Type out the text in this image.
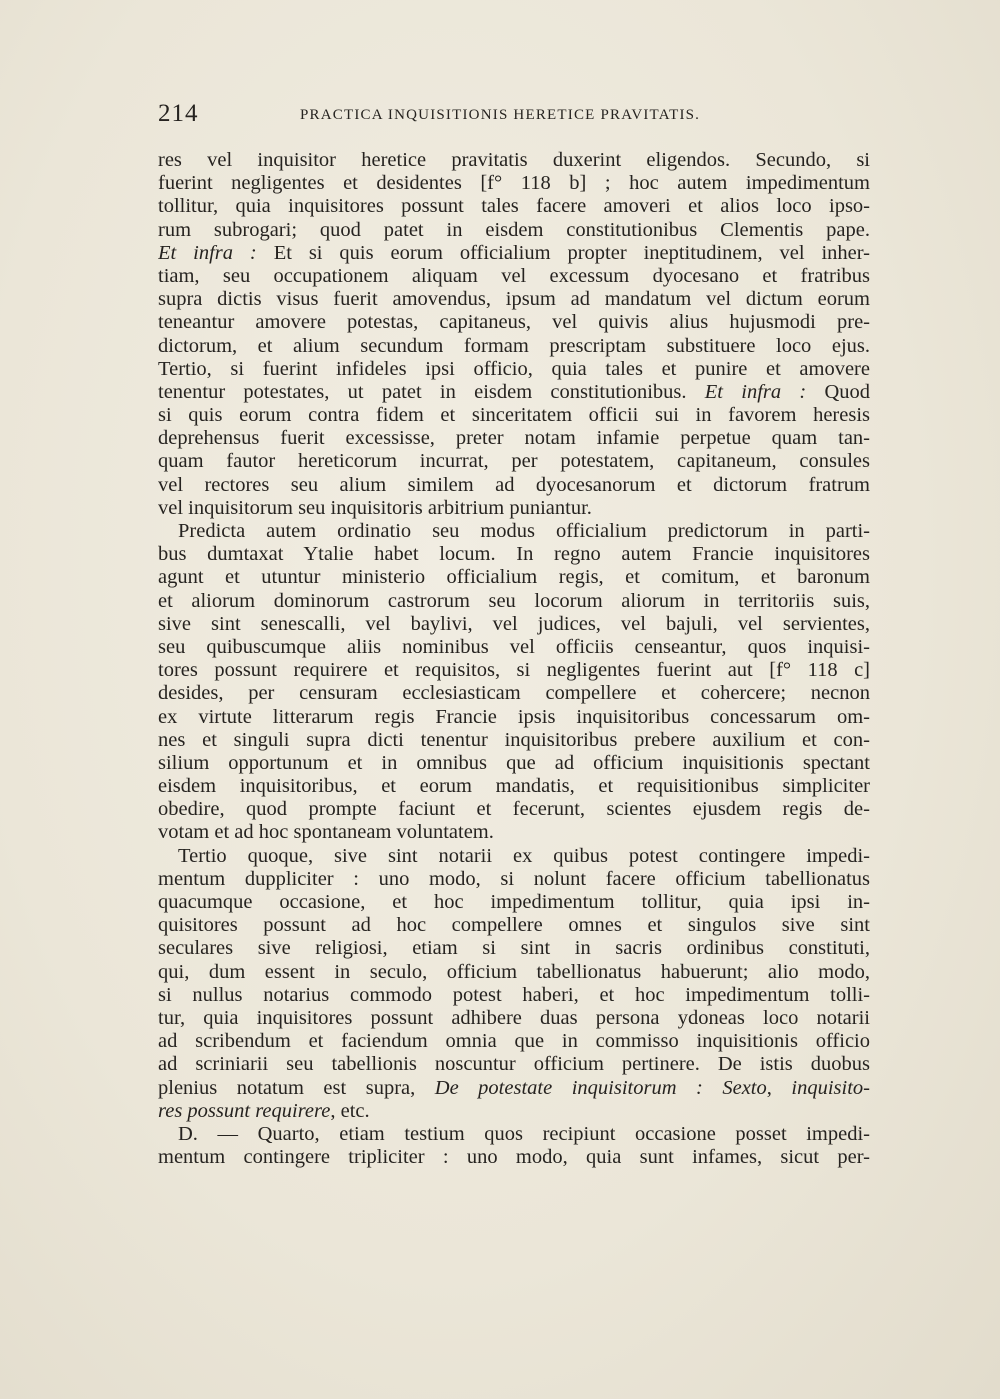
214	PRACTICA INQUISITIONIS HERETICE PRAVITATIS.
res vel inquisitor heretice pravitatis duxerint eligendos. Secundo, si
fuerint negligentes et desidentes [f° 118 b] ; hoc autem impedimentum
tollitur, quia inquisitores possunt tales facere amoveri et alios loco ipso-
rum subrogari; quod patet in eisdem constitutionibus Clementis pape.
Et infra : Et si quis eorum officialium propter ineptitudinem, vel inher-
tiam, seu occupationem aliquam vel excessum dyocesano et fratribus
supra dictis visus fuerit amovendus, ipsum ad mandatum vel dictum eorum
teneantur amovere potestas, capitaneus, vel quivis alius hujusmodi pre-
dictorum, et alium secundum formam prescriptam substituere loco ejus.
Tertio, si fuerint infideles ipsi officio, quia tales et punire et amovere
tenentur potestates, ut patet in eisdem constitutionibus. Et infra : Quod
si quis eorum contra fidem et sinceritatem officii sui in favorem heresis
deprehensus fuerit excessisse, preter notam infamie perpetue quam tan-
quam fautor hereticorum incurrat, per potestatem, capitaneum, consules
vel rectores seu alium similem ad dyocesanorum et dictorum fratrum
vel inquisitorum seu inquisitoris arbitrium puniantur.
Predicta autem ordinatio seu modus officialium predictorum in parti-
bus dumtaxat Ytalie habet locum. In regno autem Francie inquisitores
agunt et utuntur ministerio officialium regis, et comitum, et baronum
et aliorum dominorum castrorum seu locorum aliorum in territoriis suis,
sive sint senescalli, vel baylivi, vel judices, vel bajuli, vel servientes,
seu quibuscumque aliis nominibus vel officiis censeantur, quos inquisi-
tores possunt requirere et requisitos, si negligentes fuerint aut [f° 118 c]
desides, per censuram ecclesiasticam compellere et cohercere; necnon
ex virtute litterarum regis Francie ipsis inquisitoribus concessarum om-
nes et singuli supra dicti tenentur inquisitoribus prebere auxilium et con-
silium opportunum et in omnibus que ad officium inquisitionis spectant
eisdem inquisitoribus, et eorum mandatis, et requisitionibus simpliciter
obedire, quod prompte faciunt et fecerunt, scientes ejusdem regis de-
votam et ad hoc spontaneam voluntatem.
Tertio quoque, sive sint notarii ex quibus potest contingere impedi-
mentum duppliciter : uno modo, si nolunt facere officium tabellionatus
quacumque occasione, et hoc impedimentum tollitur, quia ipsi in-
quisitores possunt ad hoc compellere omnes et singulos sive sint
seculares sive religiosi, etiam si sint in sacris ordinibus constituti,
qui, dum essent in seculo, officium tabellionatus habuerunt; alio modo,
si nullus notarius commodo potest haberi, et hoc impedimentum tolli-
tur, quia inquisitores possunt adhibere duas persona ydoneas loco notarii
ad scribendum et faciendum omnia que in commisso inquisitionis officio
ad scriniarii seu tabellionis noscuntur officium pertinere. De istis duobus
plenius notatum est supra, De potestate inquisitorum : Sexto, inquisito-
res possunt requirere, etc.
D. — Quarto, etiam testium quos recipiunt occasione posset impedi-
mentum contingere tripliciter : uno modo, quia sunt infames, sicut per-
